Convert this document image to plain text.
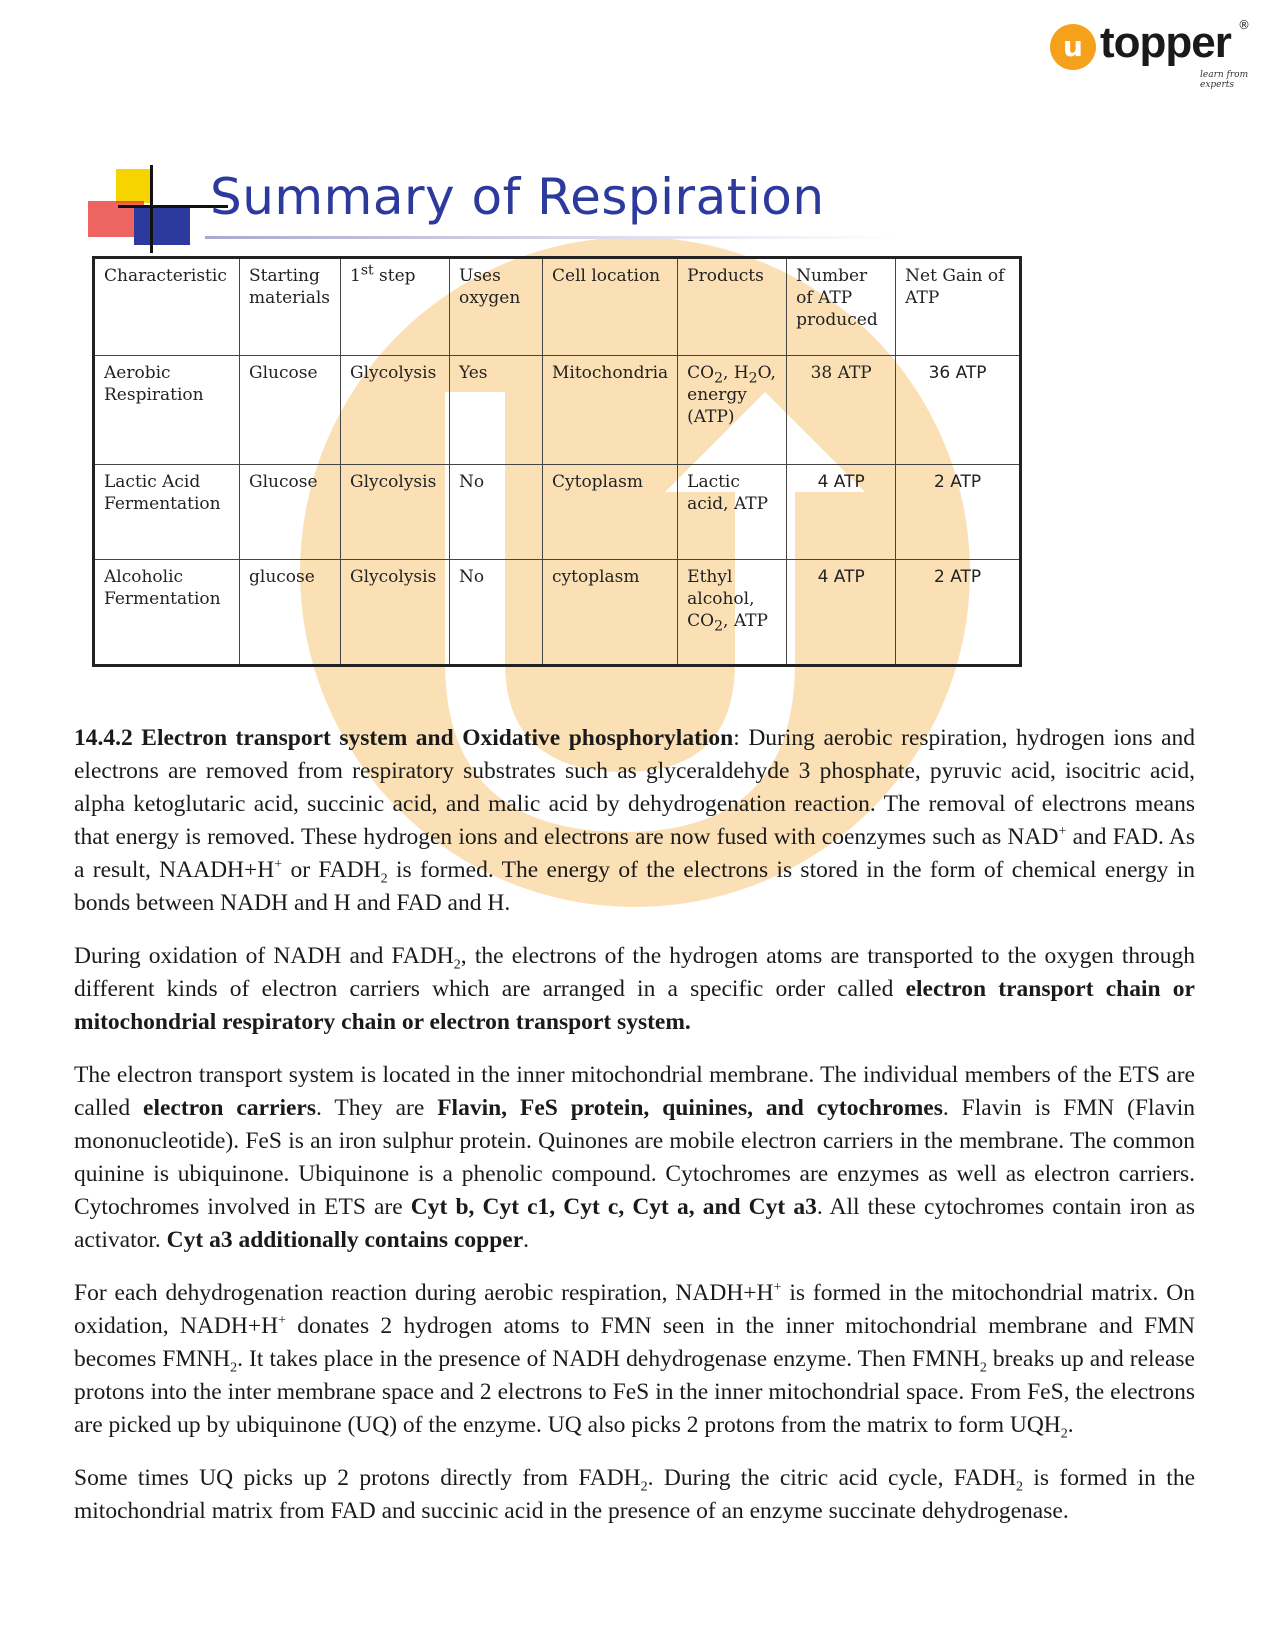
u topper ®
learn from experts
Summary of Respiration
Characteristic	Starting materials	1st step	Uses oxygen	Cell location	Products	Number of ATP produced	Net Gain of ATP
Aerobic Respiration	Glucose	Glycolysis	Yes	Mitochondria	$CO_2$, $H_2O$, energy (ATP)	38 ATP	36 ATP
Lactic Acid Fermentation	Glucose	Glycolysis	No	Cytoplasm	Lactic acid, ATP	4 ATP	2 ATP
Alcoholic Fermentation	glucose	Glycolysis	No	cytoplasm	Ethyl alcohol, $CO_2$, ATP	4 ATP	2 ATP

14.4.2 Electron transport system and Oxidative phosphorylation: During aerobic respiration, hydrogen ions and electrons are removed from respiratory substrates such as glyceraldehyde 3 phosphate, pyruvic acid, isocitric acid, alpha ketoglutaric acid, succinic acid, and malic acid by dehydrogenation reaction. The removal of electrons means that energy is removed. These hydrogen ions and electrons are now fused with coenzymes such as NAD+ and FAD. As a result, NAADH+H+ or $FADH_2$ is formed. The energy of the electrons is stored in the form of chemical energy in bonds between NADH and H and FAD and H.

During oxidation of NADH and $FADH_2$, the electrons of the hydrogen atoms are transported to the oxygen through different kinds of electron carriers which are arranged in a specific order called electron transport chain or mitochondrial respiratory chain or electron transport system.

The electron transport system is located in the inner mitochondrial membrane. The individual members of the ETS are called electron carriers. They are Flavin, FeS protein, quinines, and cytochromes. Flavin is FMN (Flavin mononucleotide). FeS is an iron sulphur protein. Quinones are mobile electron carriers in the membrane. The common quinine is ubiquinone. Ubiquinone is a phenolic compound. Cytochromes are enzymes as well as electron carriers. Cytochromes involved in ETS are Cyt b, Cyt c1, Cyt c, Cyt a, and Cyt a3. All these cytochromes contain iron as activator. Cyt a3 additionally contains copper.

For each dehydrogenation reaction during aerobic respiration, NADH+H+ is formed in the mitochondrial matrix. On oxidation, NADH+H+ donates 2 hydrogen atoms to FMN seen in the inner mitochondrial membrane and FMN becomes $FMNH_2$. It takes place in the presence of NADH dehydrogenase enzyme. Then $FMNH_2$ breaks up and release protons into the inter membrane space and 2 electrons to FeS in the inner mitochondrial space. From FeS, the electrons are picked up by ubiquinone (UQ) of the enzyme. UQ also picks 2 protons from the matrix to form $UQH_2$.

Some times UQ picks up 2 protons directly from $FADH_2$. During the citric acid cycle, $FADH_2$ is formed in the mitochondrial matrix from FAD and succinic acid in the presence of an enzyme succinate dehydrogenase.
